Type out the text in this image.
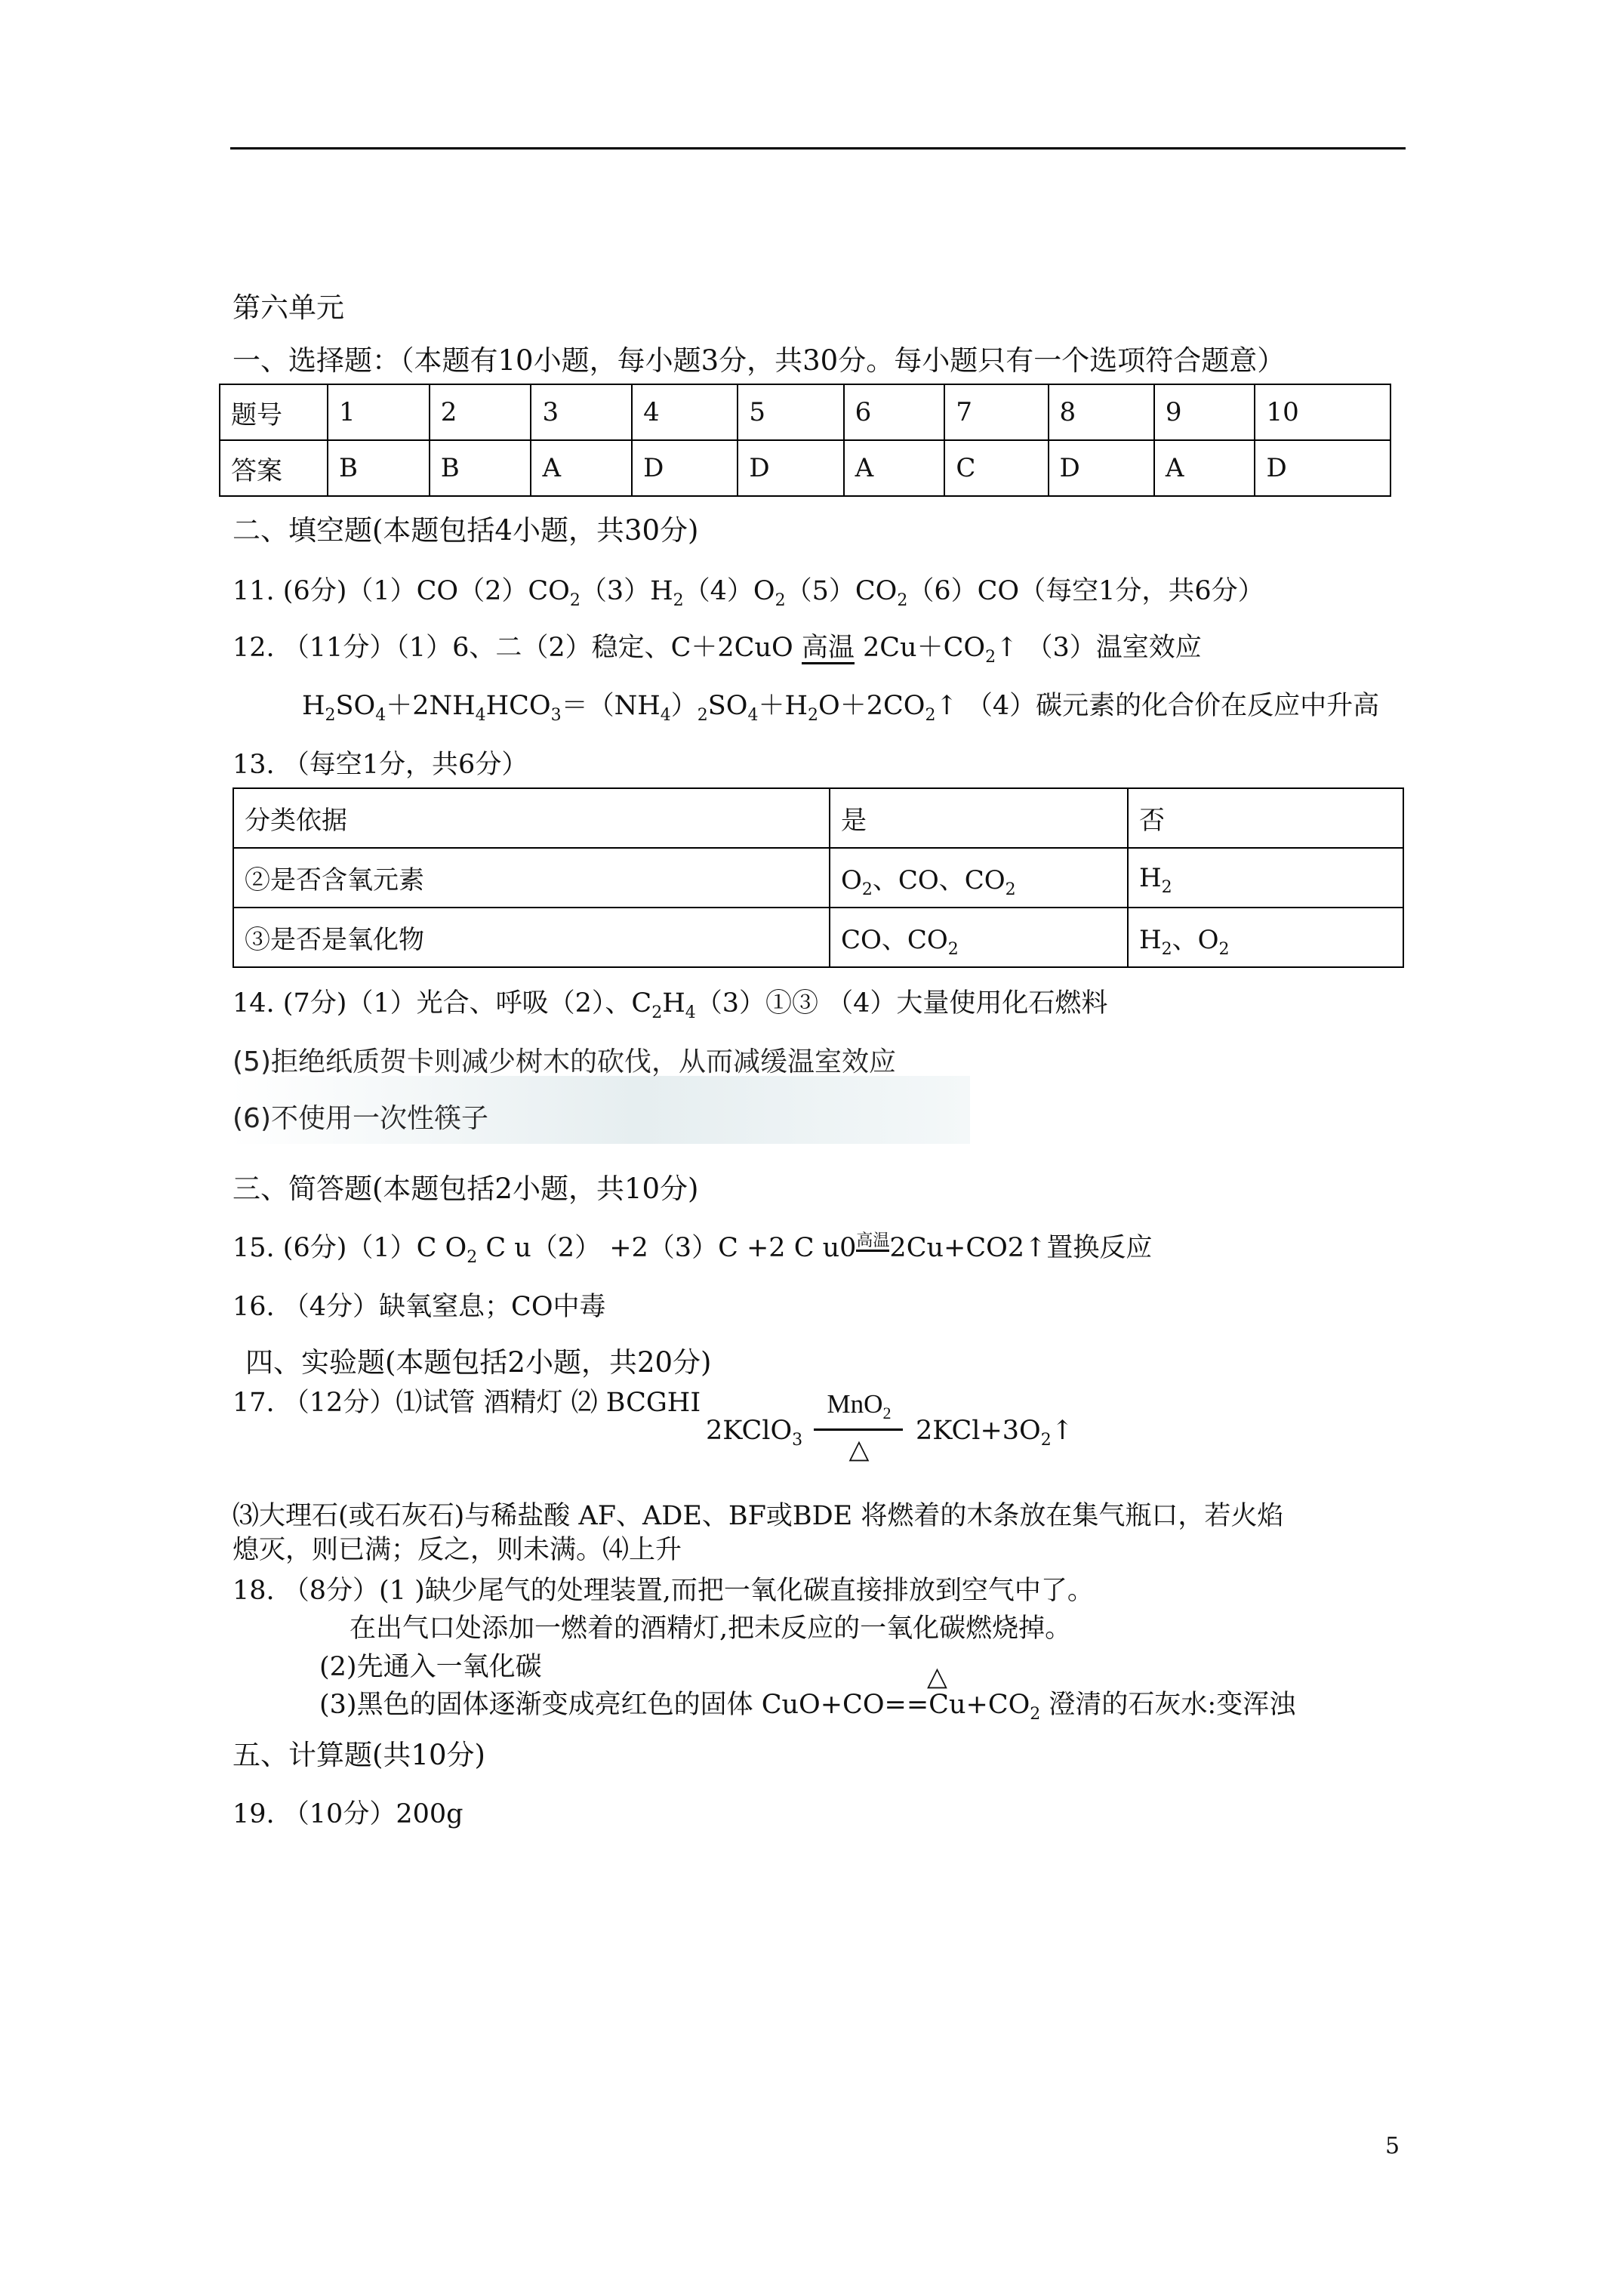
第六单元
一、选择题：（本题有10小题，每小题3分，共30分。每小题只有一个选项符合题意）
题号	1	2	3	4	5	6	7	8	9	10
答案	B	B	A	D	D	A	C	D	A	D
二、填空题(本题包括4小题，共30分)
11. (6分)$(1)CO(2)CO_2(3)H_2(4)O_2(5)CO_2(6)CO$（每空1分，共6分）
12. （11分）（1）6、二（2）稳定、C＋2CuO 高温 $2Cu+CO_2↑$ （3）温室效应
$H_2SO_4+2NH_4HCO_3=(NH_4)_2SO_4+H_2O+2CO_2↑$ （4）碳元素的化合价在反应中升高
13. （每空1分，共6分）
分类依据	是	否
②是否含氧元素	$O_2$、CO、$CO_2$	$H_2$
③是否是氧化物	CO、$CO_2$	$H_2$、$O_2$
14. (7分)（1）光合、呼吸（2）、$C_2H_4(3)①③$ （4）大量使用化石燃料
(5)拒绝纸质贺卡则减少树木的砍伐，从而减缓温室效应
(6)不使用一次性筷子
三、简答题(本题包括2小题，共10分)
15. (6分)（1）C $O_2$ C u（2） +2（3）C +2 C u0高温2Cu+CO2↑置换反应
16. （4分）缺氧窒息；CO中毒
四、实验题(本题包括2小题，共20分)
17. （12分）⑴试管 酒精灯 ⑵ BCGHI	MnO$_2$
2KClO$_3$	△
$2KCl+3O_2↑$
⑶大理石(或石灰石)与稀盐酸 AF、ADE、BF或BDE 将燃着的木条放在集气瓶口，若火焰
熄灭，则已满；反之，则未满。⑷上升
18. （8分）(1 )缺少尾气的处理装置,而把一氧化碳直接排放到空气中了。
在出气口处添加一燃着的酒精灯,把未反应的一氧化碳燃烧掉。
(2)先通入一氧化碳	△
(3)黑色的固体逐渐变成亮红色的固体 $CuO+CO==Cu+CO_2$ 澄清的石灰水:变浑浊
五、计算题(共10分)
19. （10分）200g
5
